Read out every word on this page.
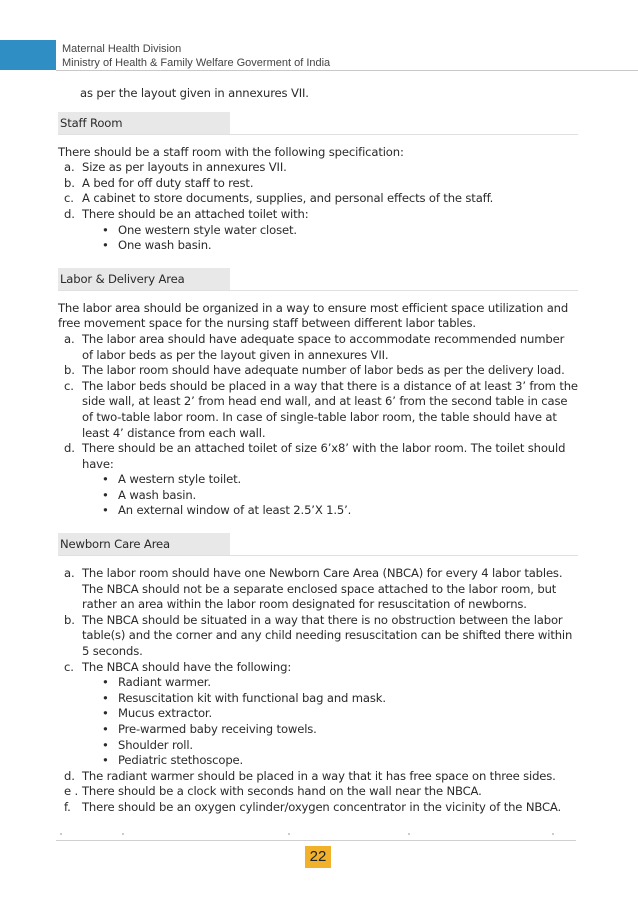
Maternal Health Division
Ministry of Health & Family Welfare Goverment of India
as per the layout given in annexures VII.
Staff Room

There should be a staff room with the following specification:

a. Size as per layouts in annexures VII.
b. A bed for off duty staff to rest.
c. A cabinet to store documents, supplies, and personal effects of the staff.
d. There should be an attached toilet with:
• One western style water closet.
• One wash basin.
Labor & Delivery Area

The labor area should be organized in a way to ensure most efficient space utilization and free movement space for the nursing staff between different labor tables.

a. The labor area should have adequate space to accommodate recommended number of labor beds as per the layout given in annexures VII.
b. The labor room should have adequate number of labor beds as per the delivery load.
c. The labor beds should be placed in a way that there is a distance of at least 3’ from the side wall, at least 2’ from head end wall, and at least 6’ from the second table in case of two-table labor room. In case of single-table labor room, the table should have at least 4’ distance from each wall.
d. There should be an attached toilet of size 6’x8’ with the labor room. The toilet should have:
• A western style toilet.
• A wash basin.
• An external window of at least 2.5’X 1.5’.
Newborn Care Area
a. The labor room should have one Newborn Care Area (NBCA) for every 4 labor tables. The NBCA should not be a separate enclosed space attached to the labor room, but rather an area within the labor room designated for resuscitation of newborns.
b. The NBCA should be situated in a way that there is no obstruction between the labor table(s) and the corner and any child needing resuscitation can be shifted there within 5 seconds.
c. The NBCA should have the following:
• Radiant warmer.
• Resuscitation kit with functional bag and mask.
• Mucus extractor.
• Pre-warmed baby receiving towels.
• Shoulder roll.
• Pediatric stethoscope.
d. The radiant warmer should be placed in a way that it has free space on three sides.
e . There should be a clock with seconds hand on the wall near the NBCA.
f. There should be an oxygen cylinder/oxygen concentrator in the vicinity of the NBCA.
22
